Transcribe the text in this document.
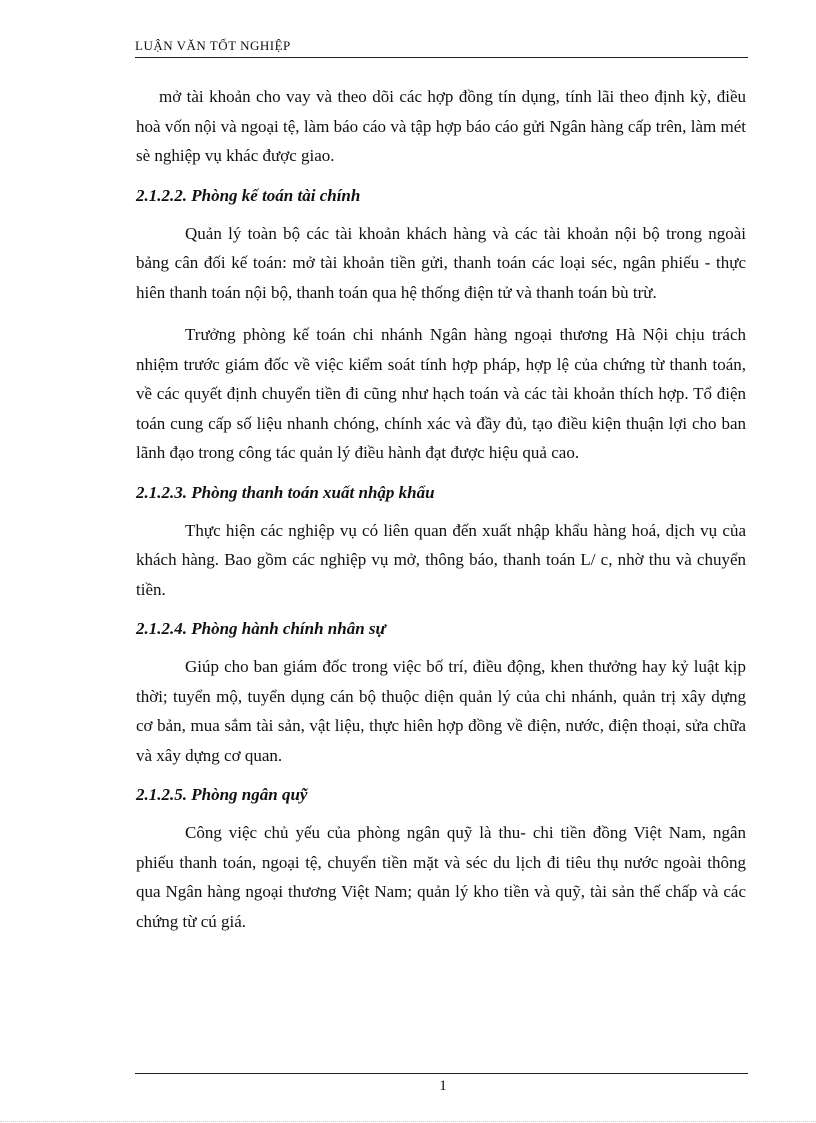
LUẬN VĂN TỐT NGHIỆP

mở tài khoản cho vay và theo dõi các hợp đồng tín dụng, tính lãi theo định kỳ, điều hoà vốn nội và ngoại tệ, làm báo cáo và tập hợp báo cáo gửi Ngân hàng cấp trên, làm mét sè nghiệp vụ khác được giao.

2.1.2.2. Phòng kế toán tài chính

Quản lý toàn bộ các tài khoản khách hàng và các tài khoản nội bộ trong ngoài bảng cân đối kế toán: mở tài khoản tiền gửi, thanh toán các loại séc, ngân phiếu - thực hiên thanh toán nội bộ, thanh toán qua hệ thống điện tử và thanh toán bù trừ.

Trưởng phòng kế toán chi nhánh Ngân hàng ngoại thương Hà Nội chịu trách nhiệm trước giám đốc về việc kiểm soát tính hợp pháp, hợp lệ của chứng từ thanh toán, về các quyết định chuyển tiền đi cũng như hạch toán và các tài khoản thích hợp. Tổ điện toán cung cấp số liệu nhanh chóng, chính xác và đầy đủ, tạo điều kiện thuận lợi cho ban lãnh đạo trong công tác quản lý điều hành đạt được hiệu quả cao.

2.1.2.3. Phòng thanh toán xuất nhập khẩu

Thực hiện các nghiệp vụ có liên quan đến xuất nhập khẩu hàng hoá, dịch vụ của khách hàng. Bao gồm các nghiệp vụ mở, thông báo, thanh toán L/ c, nhờ thu và chuyển tiền.

2.1.2.4. Phòng hành chính nhân sự

Giúp cho ban giám đốc trong việc bố trí, điều động, khen thưởng hay kỷ luật kịp thời; tuyển mộ, tuyển dụng cán bộ thuộc diện quản lý của chi nhánh, quản trị xây dựng cơ bản, mua sắm tài sản, vật liệu, thực hiên hợp đồng về điện, nước, điện thoại, sửa chữa và xây dựng cơ quan.

2.1.2.5. Phòng ngân quỹ

Công việc chủ yếu của phòng ngân quỹ là thu- chi tiền đồng Việt Nam, ngân phiếu thanh toán, ngoại tệ, chuyển tiền mặt và séc du lịch đi tiêu thụ nước ngoài thông qua Ngân hàng ngoại thương Việt Nam; quản lý kho tiền và quỹ, tài sản thế chấp và các chứng từ cú giá.

1
